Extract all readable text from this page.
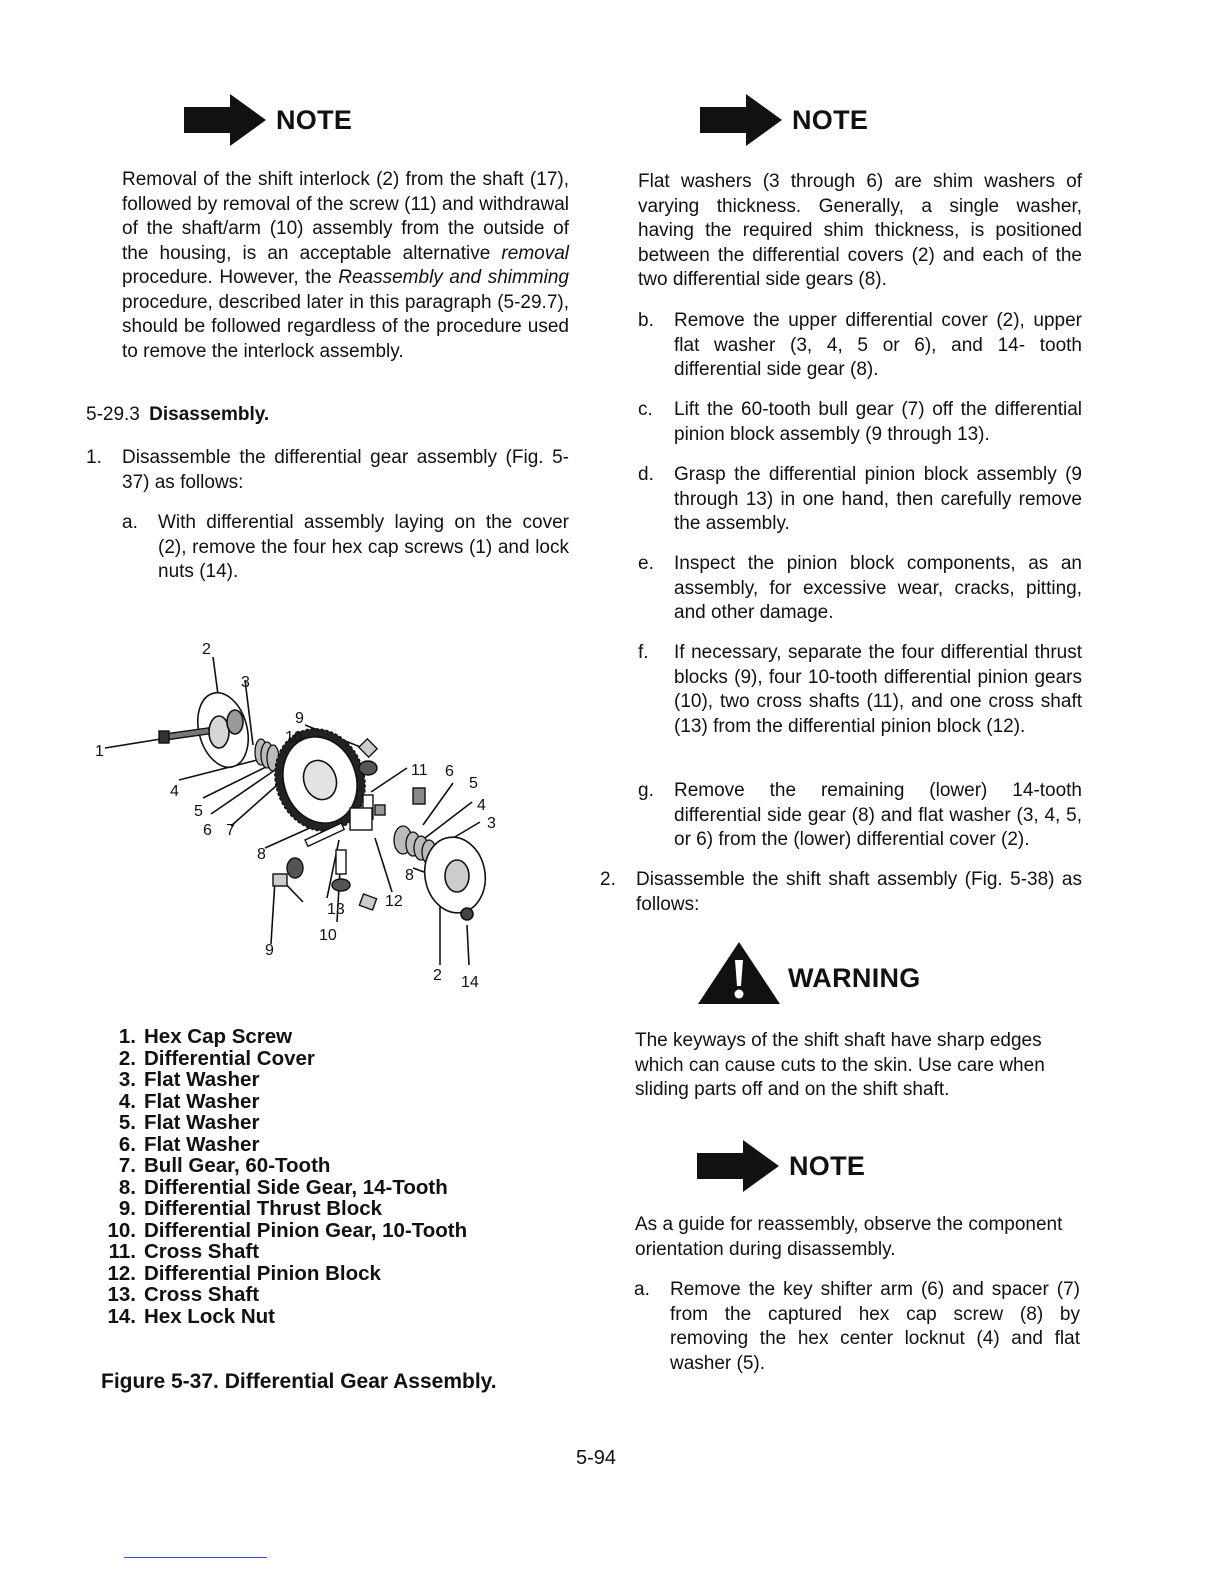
NOTE
Removal of the shift interlock (2) from the shaft (17), followed by removal of the screw (11) and withdrawal of the shaft/arm (10) assembly from the outside of the housing, is an acceptable alternative removal procedure. However, the Reassembly and shimming procedure, described later in this paragraph (5-29.7), should be followed regardless of the procedure used to remove the interlock assembly.
5-29.3 Disassembly.
1.	Disassemble the differential gear assembly (Fig. 5-37) as follows:
a.	With differential assembly laying on the cover (2), remove the four hex cap screws (1) and lock nuts (14).
2
3
9
10
1
11 6
5
4
4
5
3
6 7
8
8
12
13
10
9
2 14
1. Hex Cap Screw
2. Differential Cover
3. Flat Washer
4. Flat Washer
5. Flat Washer
6. Flat Washer
7. Bull Gear, 60-Tooth
8. Differential Side Gear, 14-Tooth
9. Differential Thrust Block
10. Differential Pinion Gear, 10-Tooth
11. Cross Shaft
12. Differential Pinion Block
13. Cross Shaft
14. Hex Lock Nut
Figure 5-37. Differential Gear Assembly.
NOTE
Flat washers (3 through 6) are shim washers of varying thickness. Generally, a single washer, having the required shim thickness, is positioned between the differential covers (2) and each of the two differential side gears (8).
b.	Remove the upper differential cover (2), upper flat washer (3, 4, 5 or 6), and 14- tooth differential side gear (8).
c.	Lift the 60-tooth bull gear (7) off the differential pinion block assembly (9 through 13).
d.	Grasp the differential pinion block assembly (9 through 13) in one hand, then carefully remove the assembly.
e.	Inspect the pinion block components, as an assembly, for excessive wear, cracks, pitting, and other damage.
f.	If necessary, separate the four differential thrust blocks (9), four 10-tooth differential pinion gears (10), two cross shafts (11), and one cross shaft (13) from the differential pinion block (12).
g.	Remove the remaining (lower) 14-tooth differential side gear (8) and flat washer (3, 4, 5, or 6) from the (lower) differential cover (2).
2.	Disassemble the shift shaft assembly (Fig. 5-38) as follows:
WARNING
The keyways of the shift shaft have sharp edges which can cause cuts to the skin. Use care when sliding parts off and on the shift shaft.
NOTE
As a guide for reassembly, observe the component orientation during disassembly.
a.	Remove the key shifter arm (6) and spacer (7) from the captured hex cap screw (8) by removing the hex center locknut (4) and flat washer (5).
5-94
